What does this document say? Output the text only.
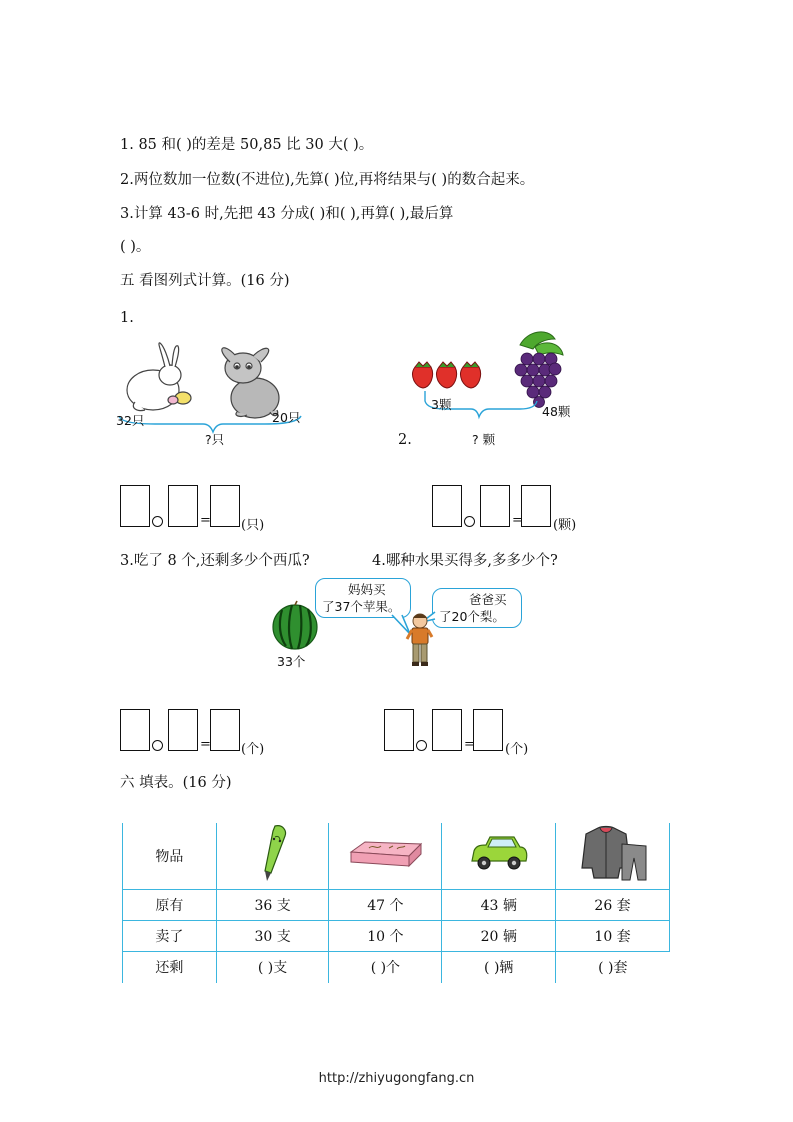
1. 85 和( )的差是 50,85 比 30 大( )。
2.两位数加一位数(不进位),先算( )位,再将结果与( )的数合起来。
3.计算 43-6 时,先把 43 分成( )和( ),再算( ),最后算
( )。
五 看图列式计算。(16 分)
1.
32只	20只
?只
3颗	48颗
? 颗
2.
= (只)	= (颗)
3.吃了 8 个,还剩多少个西瓜?	4.哪种水果买得多,多多少个?
33个
妈妈买
了37个苹果。	爸爸买
了20个梨。
= (个)	= (个)
六 填表。(16 分)
物品				
原有	36 支	47 个	43 辆	26 套
卖了	30 支	10 个	20 辆	10 套
还剩	( )支	( )个	( )辆	( )套
http://zhiyugongfang.cn
